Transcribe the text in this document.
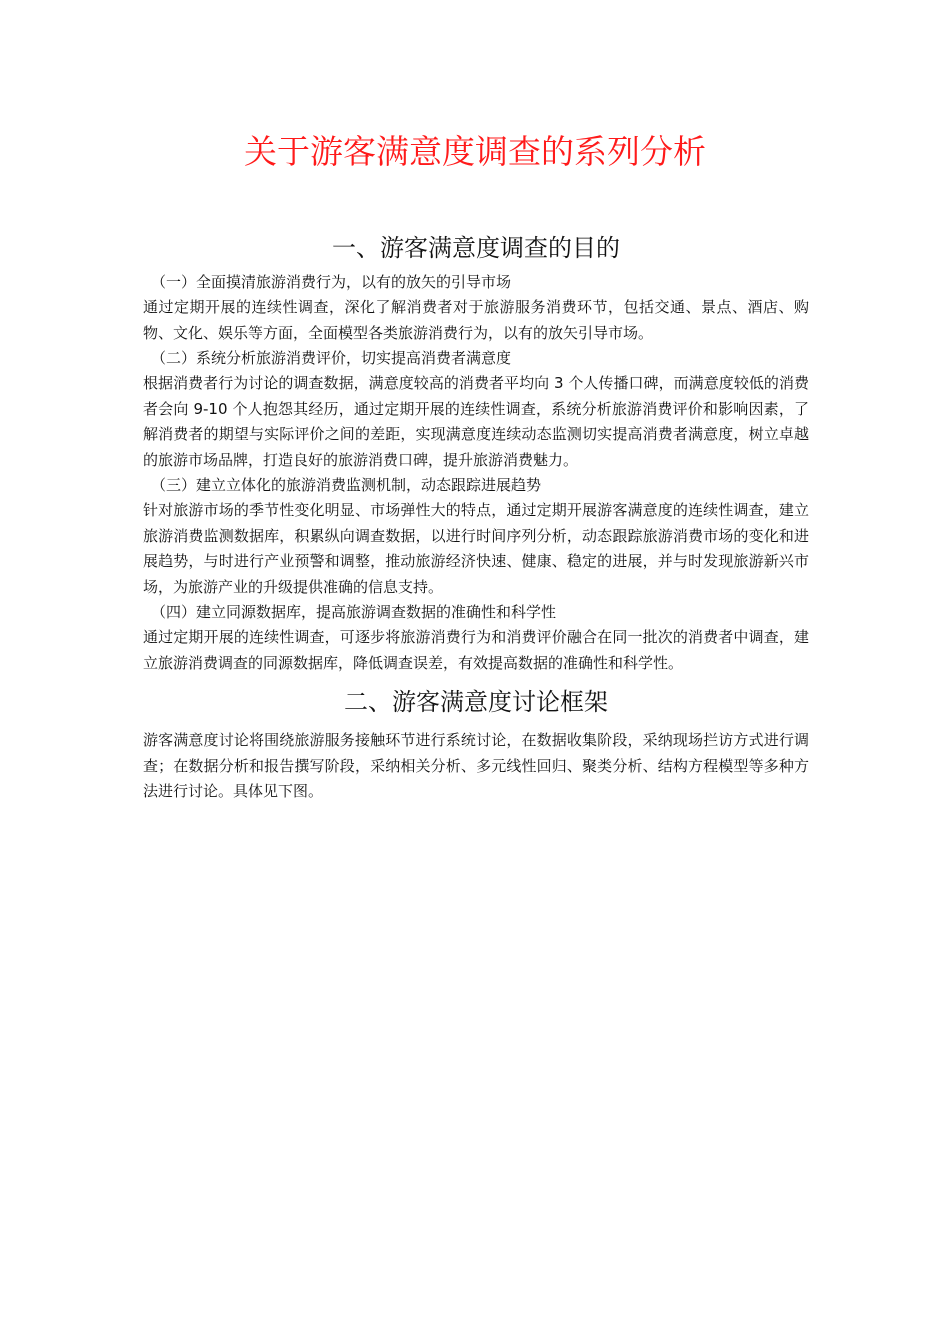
关于游客满意度调查的系列分析
一、游客满意度调查的目的

（一）全面摸清旅游消费行为，以有的放矢的引导市场

通过定期开展的连续性调查，深化了解消费者对于旅游服务消费环节，包括交通、景点、酒店、购物、文化、娱乐等方面，全面模型各类旅游消费行为，以有的放矢引导市场。

（二）系统分析旅游消费评价，切实提高消费者满意度

根据消费者行为讨论的调查数据，满意度较高的消费者平均向 3 个人传播口碑，而满意度较低的消费者会向 9-10 个人抱怨其经历，通过定期开展的连续性调查，系统分析旅游消费评价和影响因素，了解消费者的期望与实际评价之间的差距，实现满意度连续动态监测切实提高消费者满意度，树立卓越的旅游市场品牌，打造良好的旅游消费口碑，提升旅游消费魅力。

（三）建立立体化的旅游消费监测机制，动态跟踪进展趋势

针对旅游市场的季节性变化明显、市场弹性大的特点，通过定期开展游客满意度的连续性调查，建立旅游消费监测数据库，积累纵向调查数据，以进行时间序列分析，动态跟踪旅游消费市场的变化和进展趋势，与时进行产业预警和调整，推动旅游经济快速、健康、稳定的进展，并与时发现旅游新兴市场，为旅游产业的升级提供准确的信息支持。

（四）建立同源数据库，提高旅游调查数据的准确性和科学性

通过定期开展的连续性调查，可逐步将旅游消费行为和消费评价融合在同一批次的消费者中调查，建立旅游消费调查的同源数据库，降低调查误差，有效提高数据的准确性和科学性。

二、游客满意度讨论框架

游客满意度讨论将围绕旅游服务接触环节进行系统讨论，在数据收集阶段，采纳现场拦访方式进行调查；在数据分析和报告撰写阶段，采纳相关分析、多元线性回归、聚类分析、结构方程模型等多种方法进行讨论。具体见下图。
